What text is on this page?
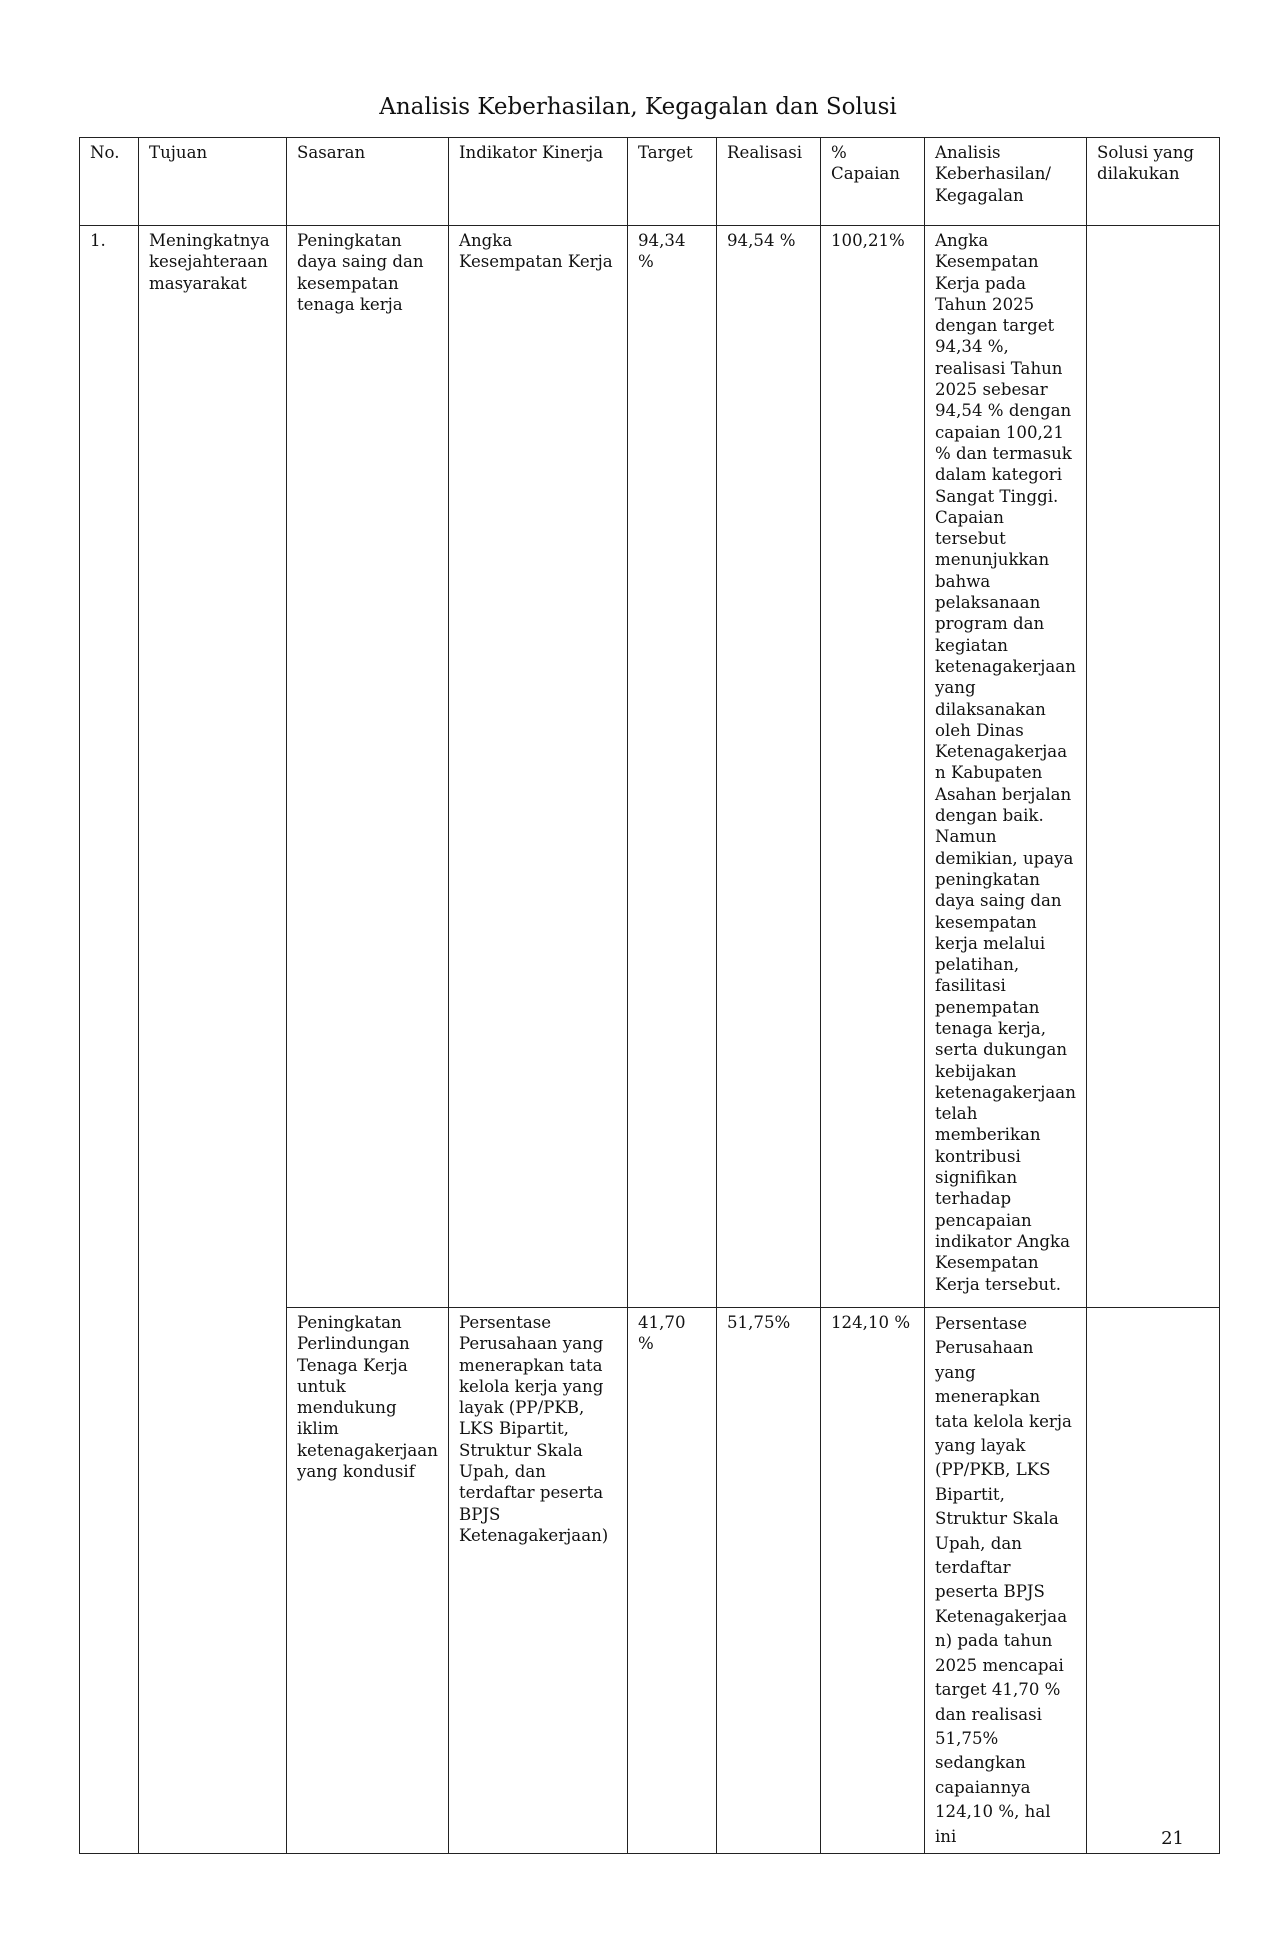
Analisis Keberhasilan, Kegagalan dan Solusi
No.	Tujuan	Sasaran	Indikator Kinerja	Target	Realisasi	% Capaian	Analisis Keberhasilan/ Kegagalan	Solusi yang dilakukan
1.	Meningkatnya kesejahteraan masyarakat	Peningkatan daya saing dan kesempatan tenaga kerja	Angka Kesempatan Kerja	94,34 %	94,54 %	100,21%	Angka Kesempatan Kerja pada Tahun 2025 dengan target 94,34 %, realisasi Tahun 2025 sebesar 94,54 % dengan capaian 100,21 % dan termasuk dalam kategori Sangat Tinggi. Capaian tersebut menunjukkan bahwa pelaksanaan program dan kegiatan ketenagakerjaan yang dilaksanakan oleh Dinas Ketenagakerjaan Kabupaten Asahan berjalan dengan baik. Namun demikian, upaya peningkatan daya saing dan kesempatan kerja melalui pelatihan, fasilitasi penempatan tenaga kerja, serta dukungan kebijakan ketenagakerjaan telah memberikan kontribusi signifikan terhadap pencapaian indikator Angka Kesempatan Kerja tersebut.	
		Peningkatan Perlindungan Tenaga Kerja untuk mendukung iklim ketenagakerjaan yang kondusif	Persentase Perusahaan yang menerapkan tata kelola kerja yang layak (PP/PKB, LKS Bipartit, Struktur Skala Upah, dan terdaftar peserta BPJS Ketenagakerjaan)	41,70 %	51,75%	124,10 %	Persentase Perusahaan yang menerapkan tata kelola kerja yang layak (PP/PKB, LKS Bipartit, Struktur Skala Upah, dan terdaftar peserta BPJS Ketenagakerjaan) pada tahun 2025 mencapai target 41,70 % dan realisasi 51,75% sedangkan capaiannya 124,10 %, hal ini		21
